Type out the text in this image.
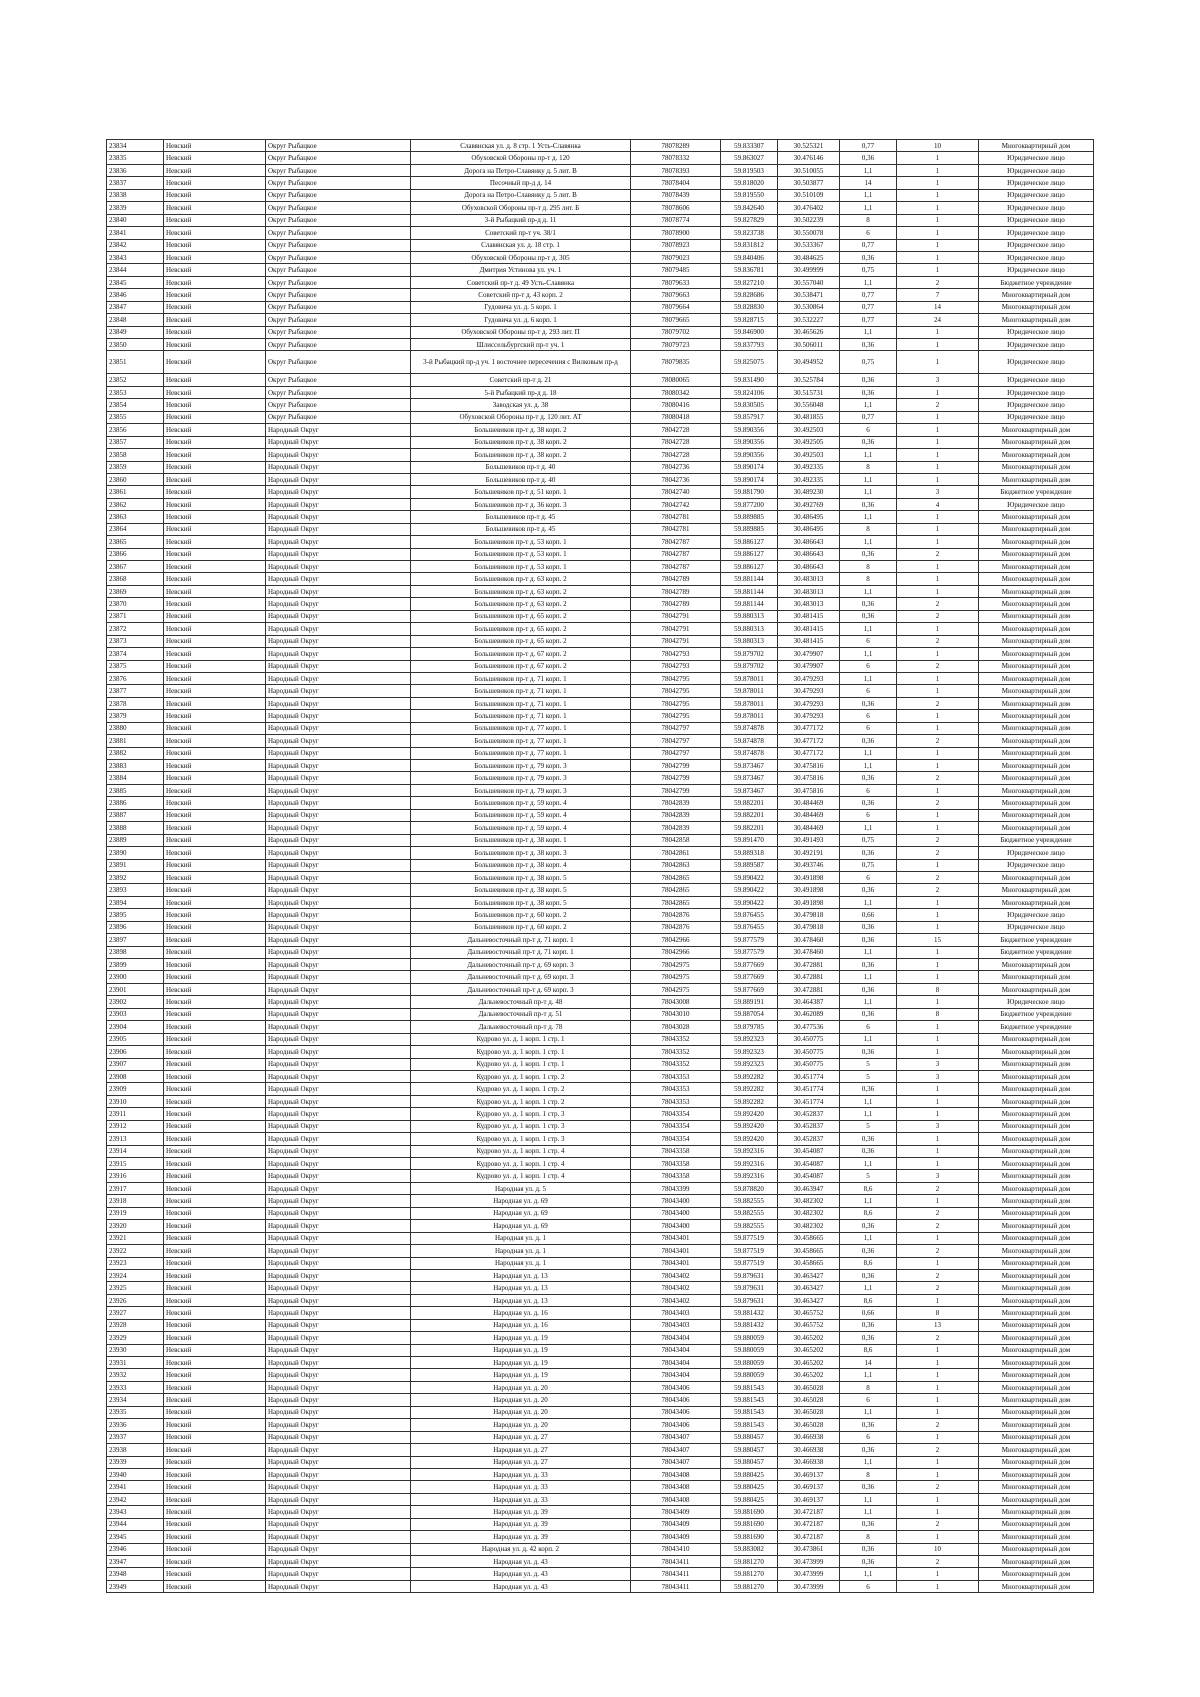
23834	Невский	Округ Рыбацкое	Славянская ул. д. 8 стр. 1 Усть-Славянка	78078289	59.833307	30.525321	0,77	10	Многоквартирный дом
23835	Невский	Округ Рыбацкое	Обуховской Обороны пр-т д. 120	78078332	59.863027	30.476146	0,36	1	Юридическое лицо
23836	Невский	Округ Рыбацкое	Дорога на Петро-Славянку д. 5 лит. В	78078393	59.819503	30.510055	1,1	1	Юридическое лицо
23837	Невский	Округ Рыбацкое	Песочный пр-д д. 14	78078404	59.818020	30.503877	14	1	Юридическое лицо
23838	Невский	Округ Рыбацкое	Дорога на Петро-Славянку д. 5 лит. В	78078439	59.819550	30.510109	1,1	1	Юридическое лицо
23839	Невский	Округ Рыбацкое	Обуховской Обороны пр-т д. 295 лит. Б	78078606	59.842640	30.476402	1,1	1	Юридическое лицо
23840	Невский	Округ Рыбацкое	3-й Рыбацкий пр-д д. 11	78078774	59.827829	30.502239	8	1	Юридическое лицо
23841	Невский	Округ Рыбацкое	Советский пр-т уч. 38/1	78078900	59.823738	30.550078	6	1	Юридическое лицо
23842	Невский	Округ Рыбацкое	Славянская ул. д. 18 стр. 1	78078923	59.831812	30.533367	0,77	1	Юридическое лицо
23843	Невский	Округ Рыбацкое	Обуховской Обороны пр-т д. 305	78079023	59.840406	30.484625	0,36	1	Юридическое лицо
23844	Невский	Округ Рыбацкое	Дмитрия Устинова ул. уч. 1	78079485	59.836781	30.499999	0,75	1	Юридическое лицо
23845	Невский	Округ Рыбацкое	Советский пр-т д. 49 Усть-Славянка	78079633	59.827210	30.557040	1,1	2	Бюджетное учреждение
23846	Невский	Округ Рыбацкое	Советский пр-т д. 43 корп. 2	78079663	59.828686	30.538471	0,77	7	Многоквартирный дом
23847	Невский	Округ Рыбацкое	Гудовича ул. д. 5 корп. 1	78079664	59.828830	30.530864	0,77	14	Многоквартирный дом
23848	Невский	Округ Рыбацкое	Гудовича ул. д. 6 корп. 1	78079665	59.828715	30.532227	0,77	24	Многоквартирный дом
23849	Невский	Округ Рыбацкое	Обуховской Обороны пр-т д. 293 лит. П	78079702	59.846900	30.465626	1,1	1	Юридическое лицо
23850	Невский	Округ Рыбацкое	Шлиссельбургский пр-т уч. 1	78079723	59.837793	30.506011	0,36	1	Юридическое лицо
23851	Невский	Округ Рыбацкое	3-й Рыбацкий пр-д уч. 1 восточнее пересечения с Вилковым пр-д	78079835	59.825075	30.494952	0,75	1	Юридическое лицо
23852	Невский	Округ Рыбацкое	Советский пр-т д. 21	78080065	59.831490	30.525784	0,36	3	Юридическое лицо
23853	Невский	Округ Рыбацкое	5-й Рыбацкий пр-д д. 18	78080342	59.824106	30.515731	0,36	1	Юридическое лицо
23854	Невский	Округ Рыбацкое	Заводская ул. д. 38	78080416	59.830505	30.556048	1,1	2	Юридическое лицо
23855	Невский	Округ Рыбацкое	Обуховской Обороны пр-т д. 120 лит. АТ	78080418	59.857917	30.481855	0,77	1	Юридическое лицо
23856	Невский	Народный Округ	Большевиков пр-т д. 38 корп. 2	78042728	59.890356	30.492503	6	1	Многоквартирный дом
23857	Невский	Народный Округ	Большевиков пр-т д. 38 корп. 2	78042728	59.890356	30.492505	0,36	1	Многоквартирный дом
23858	Невский	Народный Округ	Большевиков пр-т д. 38 корп. 2	78042728	59.890356	30.492503	1,1	1	Многоквартирный дом
23859	Невский	Народный Округ	Большевиков пр-т д. 40	78042736	59.890174	30.492335	8	1	Многоквартирный дом
23860	Невский	Народный Округ	Большевиков пр-т д. 40	78042736	59.890174	30.492335	1,1	1	Многоквартирный дом
23861	Невский	Народный Округ	Большевиков пр-т д. 51 корп. 1	78042740	59.881790	30.489230	1,1	3	Бюджетное учреждение
23862	Невский	Народный Округ	Большевиков пр-т д. 36 корп. 3	78042742	59.877200	30.492769	0,36	4	Юридическое лицо
23863	Невский	Народный Округ	Большевиков пр-т д. 45	78042781	59.889885	30.486495	1,1	1	Многоквартирный дом
23864	Невский	Народный Округ	Большевиков пр-т д. 45	78042781	59.889885	30.486495	8	1	Многоквартирный дом
23865	Невский	Народный Округ	Большевиков пр-т д. 53 корп. 1	78042787	59.886127	30.486643	1,1	1	Многоквартирный дом
23866	Невский	Народный Округ	Большевиков пр-т д. 53 корп. 1	78042787	59.886127	30.486643	0,36	2	Многоквартирный дом
23867	Невский	Народный Округ	Большевиков пр-т д. 53 корп. 1	78042787	59.886127	30.486643	8	1	Многоквартирный дом
23868	Невский	Народный Округ	Большевиков пр-т д. 63 корп. 2	78042789	59.881144	30.483013	8	1	Многоквартирный дом
23869	Невский	Народный Округ	Большевиков пр-т д. 63 корп. 2	78042789	59.881144	30.483013	1,1	1	Многоквартирный дом
23870	Невский	Народный Округ	Большевиков пр-т д. 63 корп. 2	78042789	59.881144	30.483013	0,36	2	Многоквартирный дом
23871	Невский	Народный Округ	Большевиков пр-т д. 65 корп. 2	78042791	59.880313	30.481415	0,36	2	Многоквартирный дом
23872	Невский	Народный Округ	Большевиков пр-т д. 65 корп. 2	78042791	59.880313	30.481415	1,1	1	Многоквартирный дом
23873	Невский	Народный Округ	Большевиков пр-т д. 65 корп. 2	78042791	59.880313	30.481415	6	2	Многоквартирный дом
23874	Невский	Народный Округ	Большевиков пр-т д. 67 корп. 2	78042793	59.879702	30.479907	1,1	1	Многоквартирный дом
23875	Невский	Народный Округ	Большевиков пр-т д. 67 корп. 2	78042793	59.879702	30.479907	6	2	Многоквартирный дом
23876	Невский	Народный Округ	Большевиков пр-т д. 71 корп. 1	78042795	59.878011	30.479293	1,1	1	Многоквартирный дом
23877	Невский	Народный Округ	Большевиков пр-т д. 71 корп. 1	78042795	59.878011	30.479293	6	1	Многоквартирный дом
23878	Невский	Народный Округ	Большевиков пр-т д. 71 корп. 1	78042795	59.878011	30.479293	0,36	2	Многоквартирный дом
23879	Невский	Народный Округ	Большевиков пр-т д. 71 корп. 1	78042795	59.878011	30.479293	6	1	Многоквартирный дом
23880	Невский	Народный Округ	Большевиков пр-т д. 77 корп. 1	78042797	59.874878	30.477172	6	1	Многоквартирный дом
23881	Невский	Народный Округ	Большевиков пр-т д. 77 корп. 1	78042797	59.874878	30.477172	0,36	2	Многоквартирный дом
23882	Невский	Народный Округ	Большевиков пр-т д. 77 корп. 1	78042797	59.874878	30.477172	1,1	1	Многоквартирный дом
23883	Невский	Народный Округ	Большевиков пр-т д. 79 корп. 3	78042799	59.873467	30.475816	1,1	1	Многоквартирный дом
23884	Невский	Народный Округ	Большевиков пр-т д. 79 корп. 3	78042799	59.873467	30.475816	0,36	2	Многоквартирный дом
23885	Невский	Народный Округ	Большевиков пр-т д. 79 корп. 3	78042799	59.873467	30.475816	6	1	Многоквартирный дом
23886	Невский	Народный Округ	Большевиков пр-т д. 59 корп. 4	78042839	59.882201	30.484469	0,36	2	Многоквартирный дом
23887	Невский	Народный Округ	Большевиков пр-т д. 59 корп. 4	78042839	59.882201	30.484469	6	1	Многоквартирный дом
23888	Невский	Народный Округ	Большевиков пр-т д. 59 корп. 4	78042839	59.882201	30.484469	1,1	1	Многоквартирный дом
23889	Невский	Народный Округ	Большевиков пр-т д. 38 корп. 1	78042858	59.891470	30.491493	0,75	2	Бюджетное учреждение
23890	Невский	Народный Округ	Большевиков пр-т д. 38 корп. 3	78042861	59.889318	30.492191	0,36	2	Юридическое лицо
23891	Невский	Народный Округ	Большевиков пр-т д. 38 корп. 4	78042863	59.889587	30.493746	0,75	1	Юридическое лицо
23892	Невский	Народный Округ	Большевиков пр-т д. 38 корп. 5	78042865	59.890422	30.491898	6	2	Многоквартирный дом
23893	Невский	Народный Округ	Большевиков пр-т д. 38 корп. 5	78042865	59.890422	30.491898	0,36	2	Многоквартирный дом
23894	Невский	Народный Округ	Большевиков пр-т д. 38 корп. 5	78042865	59.890422	30.491898	1,1	1	Многоквартирный дом
23895	Невский	Народный Округ	Большевиков пр-т д. 60 корп. 2	78042876	59.876455	30.479818	0,66	1	Юридическое лицо
23896	Невский	Народный Округ	Большевиков пр-т д. 60 корп. 2	78042876	59.876455	30.479818	0,36	1	Юридическое лицо
23897	Невский	Народный Округ	Дальневосточный пр-т д. 71 корп. 1	78042966	59.877579	30.478460	0,36	15	Бюджетное учреждение
23898	Невский	Народный Округ	Дальневосточный пр-т д. 71 корп. 1	78042966	59.877579	30.478460	1,1	1	Бюджетное учреждение
23899	Невский	Народный Округ	Дальневосточный пр-т д. 69 корп. 3	78042975	59.877669	30.472881	0,36	1	Многоквартирный дом
23900	Невский	Народный Округ	Дальневосточный пр-т д. 69 корп. 3	78042975	59.877669	30.472881	1,1	1	Многоквартирный дом
23901	Невский	Народный Округ	Дальневосточный пр-т д. 69 корп. 3	78042975	59.877669	30.472881	0,36	8	Многоквартирный дом
23902	Невский	Народный Округ	Дальневосточный пр-т д. 48	78043008	59.889191	30.464387	1,1	1	Юридическое лицо
23903	Невский	Народный Округ	Дальневосточный пр-т д. 51	78043010	59.887054	30.462089	0,36	8	Бюджетное учреждение
23904	Невский	Народный Округ	Дальневосточный пр-т д. 78	78043028	59.879785	30.477536	6	1	Бюджетное учреждение
23905	Невский	Народный Округ	Кудрово ул. д. 1 корп. 1 стр. 1	78043352	59.892323	30.450775	1,1	1	Многоквартирный дом
23906	Невский	Народный Округ	Кудрово ул. д. 1 корп. 1 стр. 1	78043352	59.892323	30.450775	0,36	1	Многоквартирный дом
23907	Невский	Народный Округ	Кудрово ул. д. 1 корп. 1 стр. 1	78043352	59.892323	30.450775	5	3	Многоквартирный дом
23908	Невский	Народный Округ	Кудрово ул. д. 1 корп. 1 стр. 2	78043353	59.892282	30.451774	5	3	Многоквартирный дом
23909	Невский	Народный Округ	Кудрово ул. д. 1 корп. 1 стр. 2	78043353	59.892282	30.451774	0,36	1	Многоквартирный дом
23910	Невский	Народный Округ	Кудрово ул. д. 1 корп. 1 стр. 2	78043353	59.892282	30.451774	1,1	1	Многоквартирный дом
23911	Невский	Народный Округ	Кудрово ул. д. 1 корп. 1 стр. 3	78043354	59.892420	30.452837	1,1	1	Многоквартирный дом
23912	Невский	Народный Округ	Кудрово ул. д. 1 корп. 1 стр. 3	78043354	59.892420	30.452837	5	3	Многоквартирный дом
23913	Невский	Народный Округ	Кудрово ул. д. 1 корп. 1 стр. 3	78043354	59.892420	30.452837	0,36	1	Многоквартирный дом
23914	Невский	Народный Округ	Кудрово ул. д. 1 корп. 1 стр. 4	78043358	59.892316	30.454087	0,36	1	Многоквартирный дом
23915	Невский	Народный Округ	Кудрово ул. д. 1 корп. 1 стр. 4	78043358	59.892316	30.454087	1,1	1	Многоквартирный дом
23916	Невский	Народный Округ	Кудрово ул. д. 1 корп. 1 стр. 4	78043358	59.892316	30.454087	5	3	Многоквартирный дом
23917	Невский	Народный Округ	Народная ул. д. 5	78043399	59.878820	30.463947	8,6	2	Многоквартирный дом
23918	Невский	Народный Округ	Народная ул. д. 69	78043400	59.882555	30.482302	1,1	1	Многоквартирный дом
23919	Невский	Народный Округ	Народная ул. д. 69	78043400	59.882555	30.482302	8,6	2	Многоквартирный дом
23920	Невский	Народный Округ	Народная ул. д. 69	78043400	59.882555	30.482302	0,36	2	Многоквартирный дом
23921	Невский	Народный Округ	Народная ул. д. 1	78043401	59.877519	30.458665	1,1	1	Многоквартирный дом
23922	Невский	Народный Округ	Народная ул. д. 1	78043401	59.877519	30.458665	0,36	2	Многоквартирный дом
23923	Невский	Народный Округ	Народная ул. д. 1	78043401	59.877519	30.458665	8,6	1	Многоквартирный дом
23924	Невский	Народный Округ	Народная ул. д. 13	78043402	59.879631	30.463427	0,36	2	Многоквартирный дом
23925	Невский	Народный Округ	Народная ул. д. 13	78043402	59.879631	30.463427	1,1	2	Многоквартирный дом
23926	Невский	Народный Округ	Народная ул. д. 13	78043402	59.879631	30.463427	8,6	1	Многоквартирный дом
23927	Невский	Народный Округ	Народная ул. д. 16	78043403	59.881432	30.465752	0,66	8	Многоквартирный дом
23928	Невский	Народный Округ	Народная ул. д. 16	78043403	59.881432	30.465752	0,36	13	Многоквартирный дом
23929	Невский	Народный Округ	Народная ул. д. 19	78043404	59.880059	30.465202	0,36	2	Многоквартирный дом
23930	Невский	Народный Округ	Народная ул. д. 19	78043404	59.880059	30.465202	8,6	1	Многоквартирный дом
23931	Невский	Народный Округ	Народная ул. д. 19	78043404	59.880059	30.465202	14	1	Многоквартирный дом
23932	Невский	Народный Округ	Народная ул. д. 19	78043404	59.880059	30.465202	1,1	1	Многоквартирный дом
23933	Невский	Народный Округ	Народная ул. д. 20	78043406	59.881543	30.465028	8	1	Многоквартирный дом
23934	Невский	Народный Округ	Народная ул. д. 20	78043406	59.881543	30.465028	6	1	Многоквартирный дом
23935	Невский	Народный Округ	Народная ул. д. 20	78043406	59.881543	30.465028	1,1	1	Многоквартирный дом
23936	Невский	Народный Округ	Народная ул. д. 20	78043406	59.881543	30.465028	0,36	2	Многоквартирный дом
23937	Невский	Народный Округ	Народная ул. д. 27	78043407	59.880457	30.466938	6	1	Многоквартирный дом
23938	Невский	Народный Округ	Народная ул. д. 27	78043407	59.880457	30.466938	0,36	2	Многоквартирный дом
23939	Невский	Народный Округ	Народная ул. д. 27	78043407	59.880457	30.466938	1,1	1	Многоквартирный дом
23940	Невский	Народный Округ	Народная ул. д. 33	78043408	59.880425	30.469137	8	1	Многоквартирный дом
23941	Невский	Народный Округ	Народная ул. д. 33	78043408	59.880425	30.469137	0,36	2	Многоквартирный дом
23942	Невский	Народный Округ	Народная ул. д. 33	78043408	59.880425	30.469137	1,1	1	Многоквартирный дом
23943	Невский	Народный Округ	Народная ул. д. 39	78043409	59.881690	30.472187	1,1	1	Многоквартирный дом
23944	Невский	Народный Округ	Народная ул. д. 39	78043409	59.881690	30.472187	0,36	2	Многоквартирный дом
23945	Невский	Народный Округ	Народная ул. д. 39	78043409	59.881690	30.472187	8	1	Многоквартирный дом
23946	Невский	Народный Округ	Народная ул. д. 42 корп. 2	78043410	59.883082	30.473861	0,36	10	Многоквартирный дом
23947	Невский	Народный Округ	Народная ул. д. 43	78043411	59.881270	30.473999	0,36	2	Многоквартирный дом
23948	Невский	Народный Округ	Народная ул. д. 43	78043411	59.881270	30.473999	1,1	1	Многоквартирный дом
23949	Невский	Народный Округ	Народная ул. д. 43	78043411	59.881270	30.473999	6	1	Многоквартирный дом
